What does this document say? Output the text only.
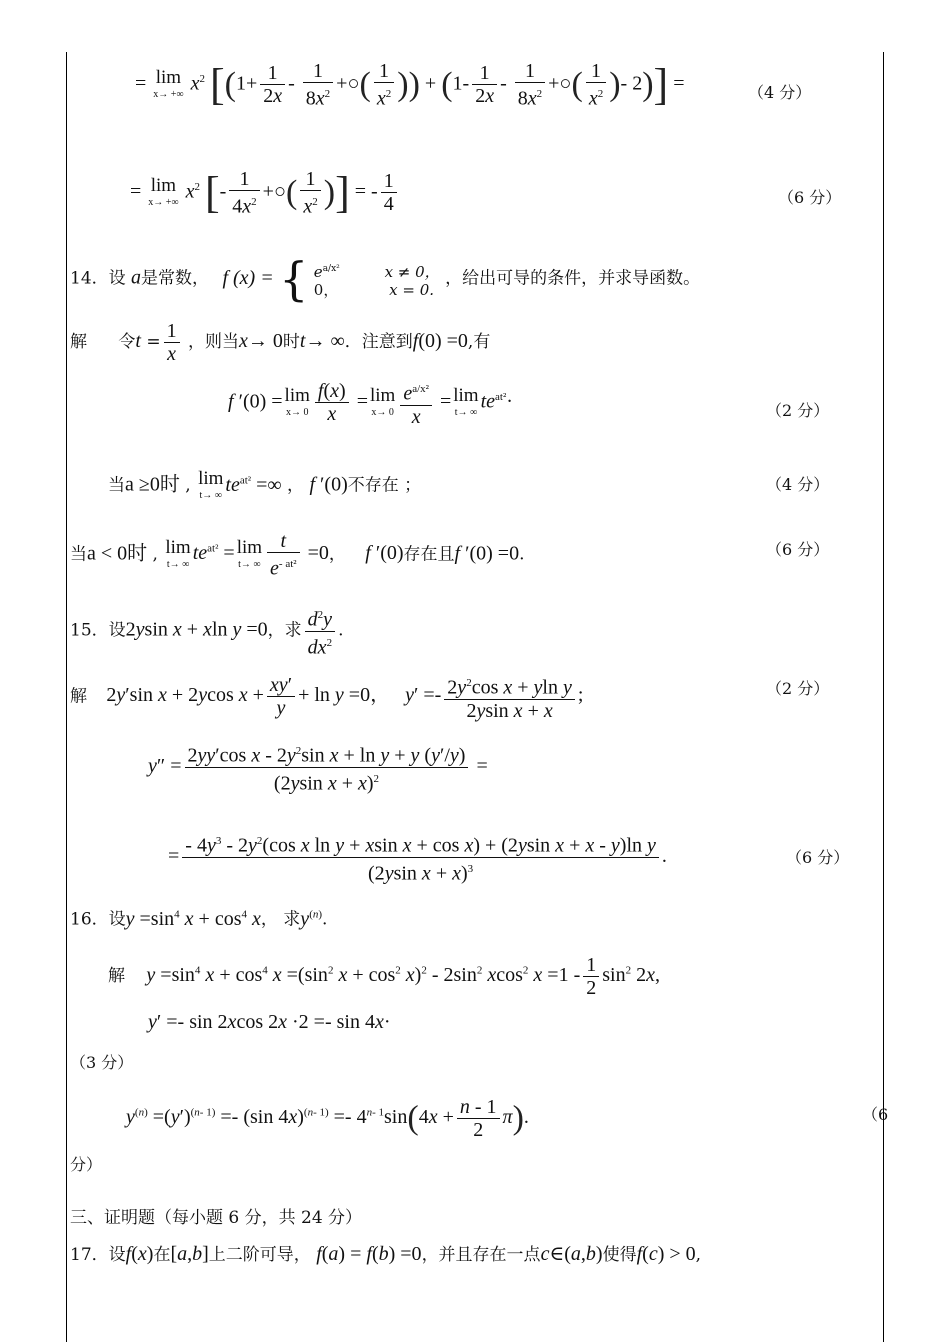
= lim
x→ +∞ $x^2$ [($1+ \frac{1}{2x} - \frac{1}{8x^2}$ +○( $\frac{1}{x^2}$ )) + ($1- \frac{1}{2x} - \frac{1}{8x^2}$ +○( $\frac{1}{x^2}$ )- 2)] =	（4 分）
= lim
x→ +∞ $x^2$ [- $\frac{1}{4x^2}$ +○( $\frac{1}{x^2}$ )] = - $\frac{1}{4}$	（6 分）
14．设 a是常数， f (x) = { $e^{a/x^2}$	x ≠ 0，
0，	x = 0.
，给出可导的条件，并求导函数。
解 令$t = \frac{1}{x}$ ，则当x→ 0时t→ ∞．注意到f(0) =0,有
f ′(0) = lim
$x\to 0 \frac{f(x)}{x} = \lim$
$x\to 0 \frac{e^{a/x^2}}{x} = \lim$
t→ ∞ $te^{at^2}\cdot$	（2 分）
当a ≥0时 , lim
t→ ∞ $te^{at^2}$ =∞ ， f ′(0)不存在 ；	（4 分）
当a < 0时 , lim
t→ ∞ $te^{at^2} = \lim$
t→ ∞ $\frac{t}{e^{- at^2}} =0$， f ′(0)存在且f ′(0) =0.	（6 分）
15．设2ysin x + xln y =0，求 $\frac{d^2y}{dx^2}$ .
解 2y′sin x + 2ycos $x + \frac{xy'}{y} + \ln y =0$，   $y' =- \frac{2y^2\cos x + yln y}{\text{2ysin x + x}}$ ;	（2 分）
$y'' = \frac{2yy'\cos x - 2y^2\sin x + \ln y + y (y'/y)}{(2ysin x + x)^2}$ =
= - $4y^3 - 2y^2(\cos$ x ln y + xsin x + cos x) + (2ysin x + x - y)ln y
(2ysin x + x)$^3$
.	（6 分）
16．设$y =\sin^4$ $x + \cos^4 x$， 求$y^{(n)}$.
解 $y =\sin^4$ $x + \cos^4 x =(\sin^2$ $x + \cos^2 x)^2 - 2\sin^2$ xcos$^2$ $x =1 - \frac{1}{2} \sin^2 2x$,
y′ =- sin 2xcos 2x ·2 =- sin 4x·
（3 分）
$y^{(n)} =(y')^{(n- 1)} =- (\sin$ $4x)^{(n- 1)} =- 4^{n- 1}\sin(4x + \frac{n - 1}{2} \pi)$.	（6
分）
三、证明题（每小题 6 分，共 24 分）
17．设f(x)在[a,b]上二阶可导， f(a) = f(b) =0，并且存在一点c∈(a,b)使得f(c) > 0,
